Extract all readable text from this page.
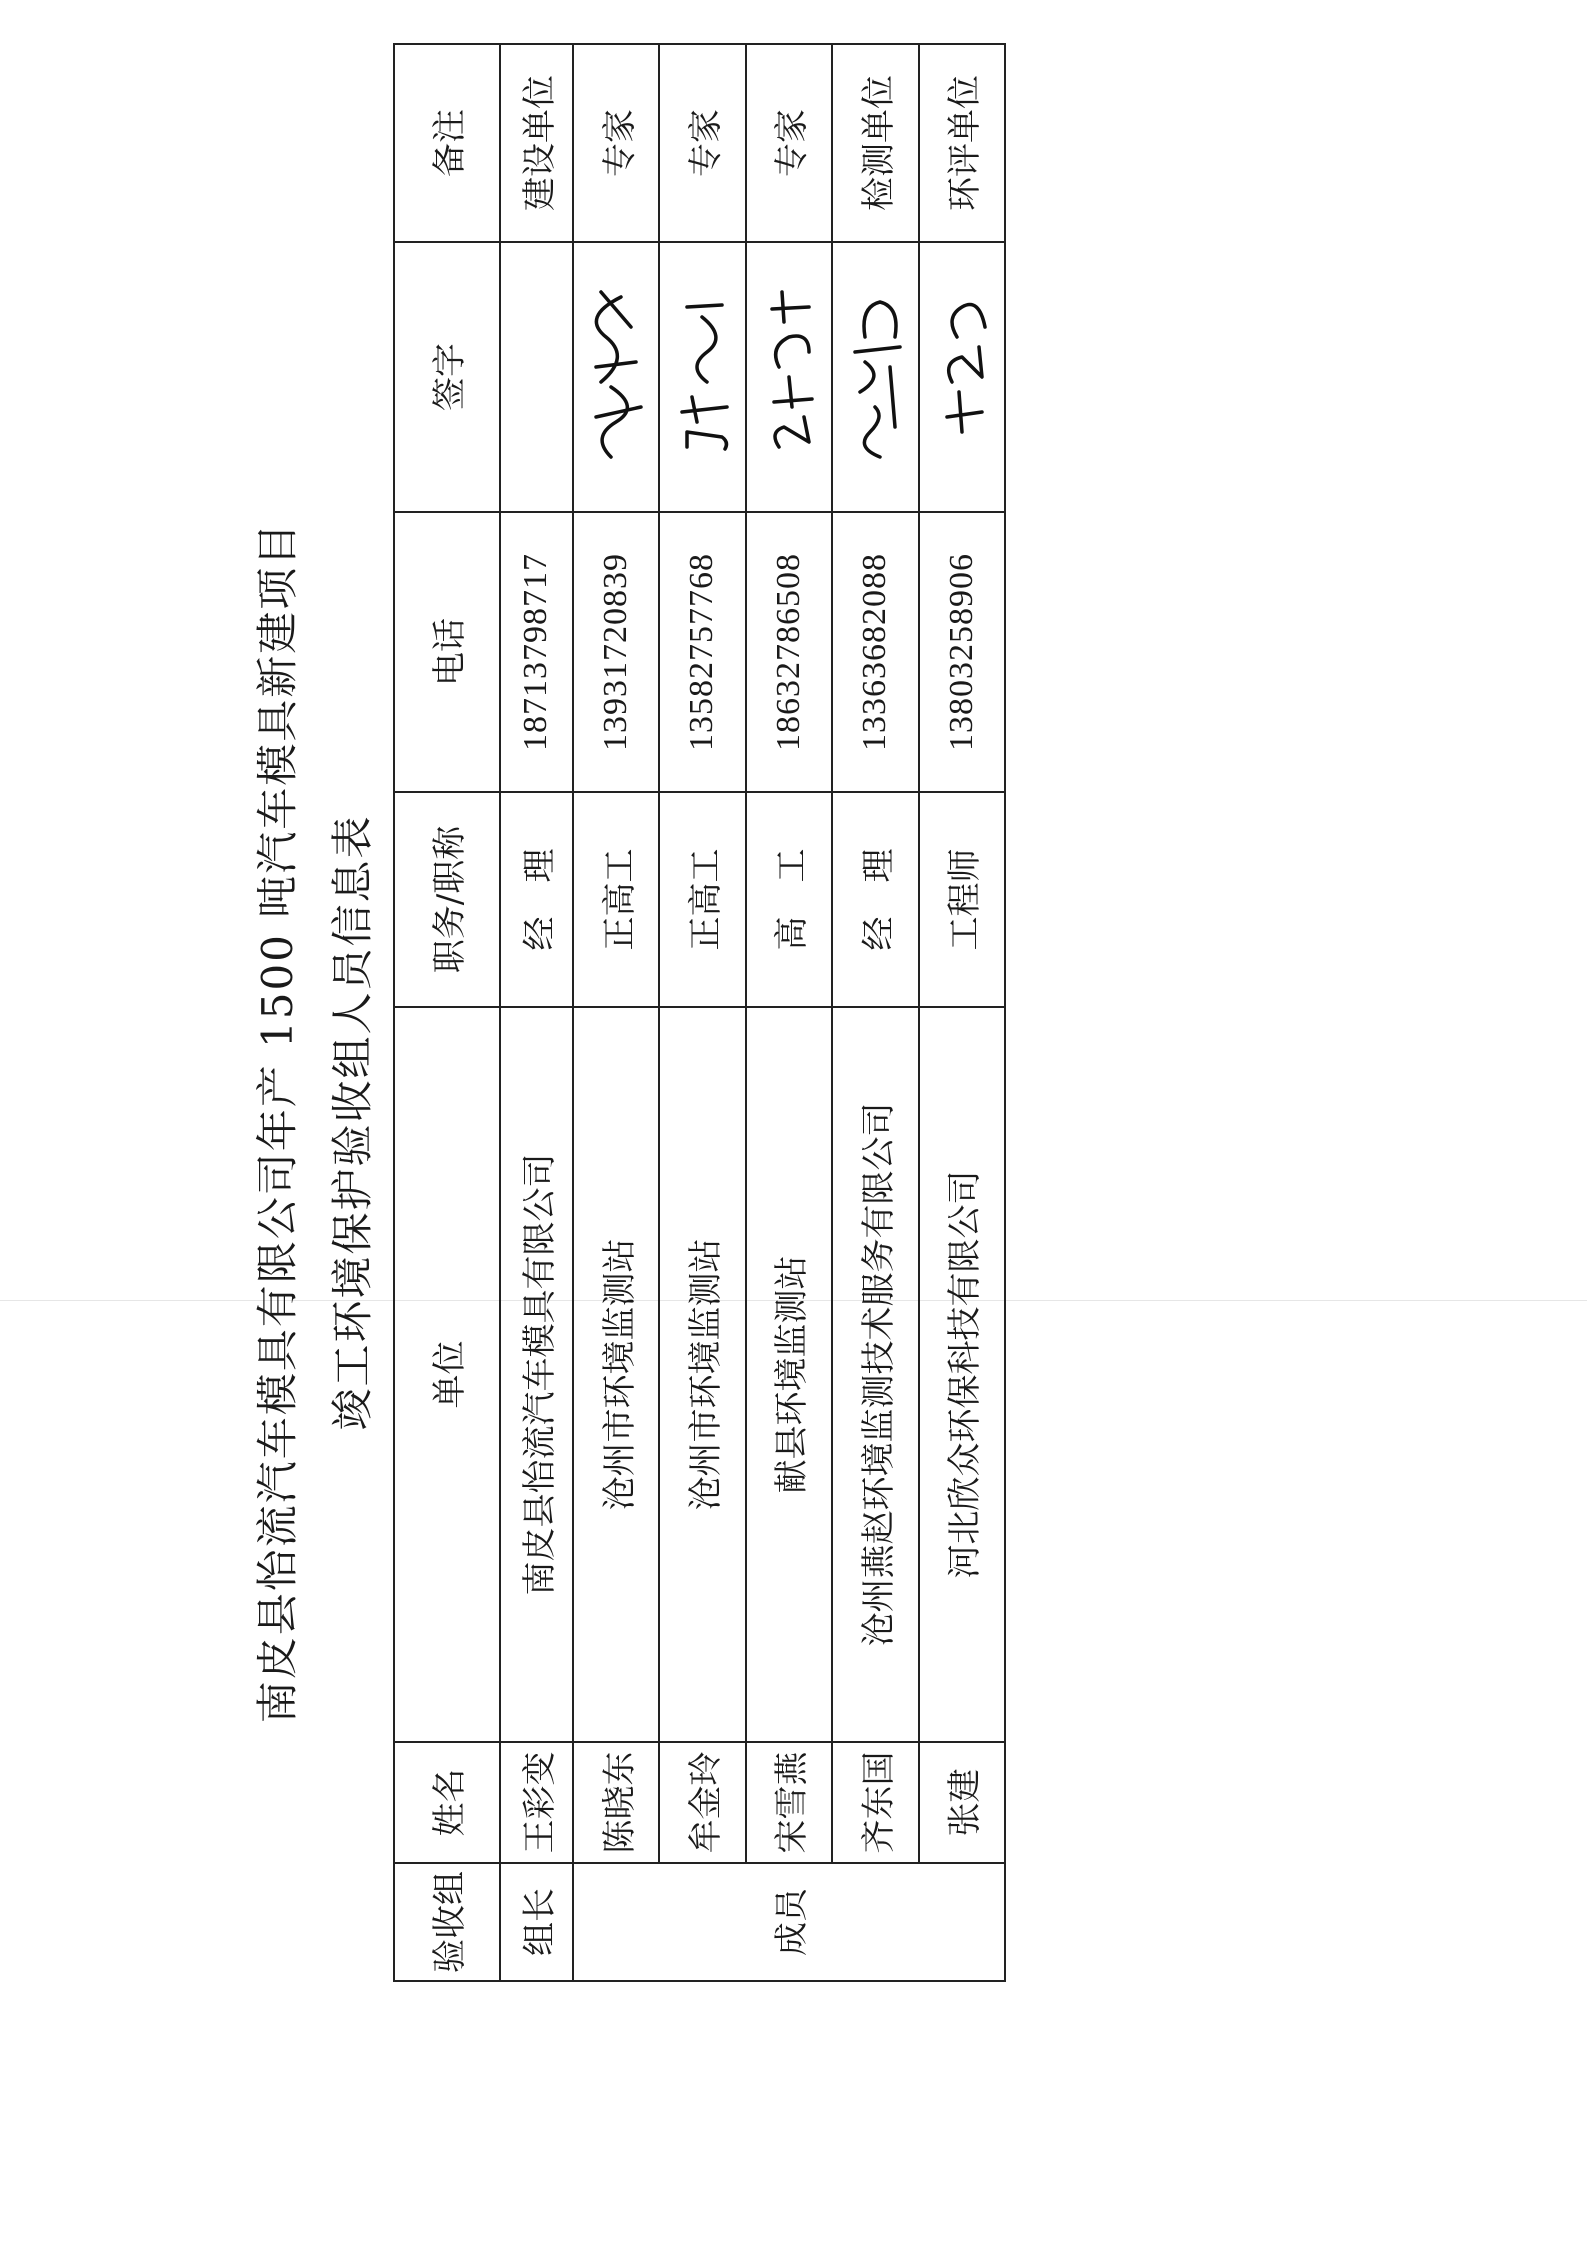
南皮县怡流汽车模具有限公司年产 1500 吨汽车模具新建项目 竣工环境保护验收组人员信息表
验收组	姓名	单位	职务/职称	电话	签字	备注
组长	王彩变	南皮县怡流汽车模具有限公司	经　理	18713798717		建设单位
成员	陈晓东	沧州市环境监测站	正高工	13931720839		专家
	牟金玲	沧州市环境监测站	正高工	13582757768		专家
	宋雪燕	献县环境监测站	高　工	18632786508		专家
	齐东国	沧州燕赵环境监测技术服务有限公司	经　理	13363682088		检测单位
	张建	河北欣众环保科技有限公司	工程师	13803258906		环评单位
